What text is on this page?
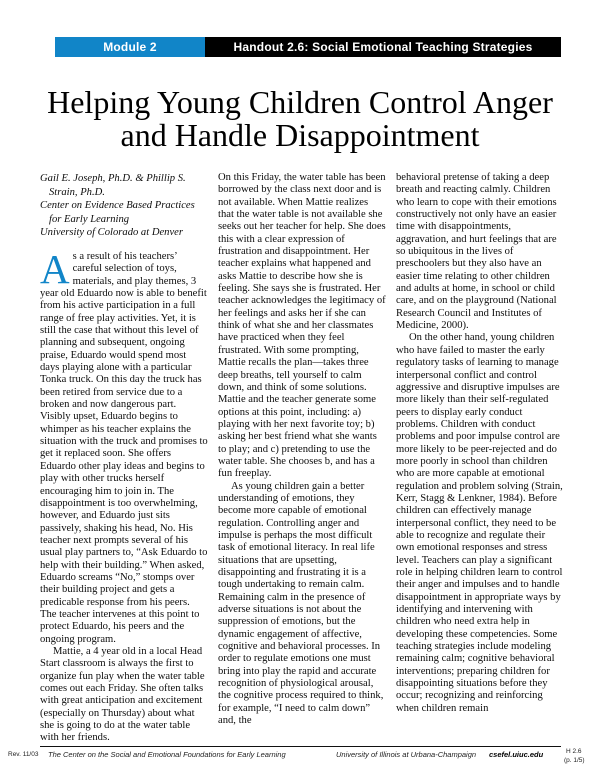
Module 2	Handout 2.6: Social Emotional Teaching Strategies
Helping Young Children Control Anger
and Handle Disappointment
Gail E. Joseph, Ph.D. & Phillip S.
Strain, Ph.D.
Center on Evidence Based Practices
for Early Learning
University of Colorado at Denver

As a result of his teachers’ careful selection of toys, materials, and play themes, 3 year old Eduardo now is able to benefit from his active participation in a full range of free play activities. Yet, it is still the case that without this level of planning and subsequent, ongoing praise, Eduardo would spend most days playing alone with a particular Tonka truck. On this day the truck has been retired from service due to a broken and now dangerous part. Visibly upset, Eduardo begins to whimper as his teacher explains the situation with the truck and promises to get it replaced soon. She offers Eduardo other play ideas and begins to play with other trucks herself encouraging him to join in. The disappointment is too overwhelming, however, and Eduardo just sits passively, shaking his head, No. His teacher next prompts several of his usual play partners to, “Ask Eduardo to help with their building.” When asked, Eduardo screams “No,” stomps over their building project and gets a predicable response from his peers. The teacher intervenes at this point to protect Eduardo, his peers and the ongoing program.

Mattie, a 4 year old in a local Head Start classroom is always the first to organize fun play when the water table comes out each Friday. She often talks with great anticipation and excitement (especially on Thursday) about what she is going to do at the water table with her friends.

On this Friday, the water table has been borrowed by the class next door and is not available. When Mattie realizes that the water table is not available she seeks out her teacher for help. She does this with a clear expression of frustration and disappointment. Her teacher explains what happened and asks Mattie to describe how she is feeling. She says she is frustrated. Her teacher acknowledges the legitimacy of her feelings and asks her if she can think of what she and her classmates have practiced when they feel frustrated. With some prompting, Mattie recalls the plan—takes three deep breaths, tell yourself to calm down, and think of some solutions. Mattie and the teacher generate some options at this point, including: a) playing with her next favorite toy; b) asking her best friend what she wants to play; and c) pretending to use the water table. She chooses b, and has a fun freeplay.

As young children gain a better understanding of emotions, they become more capable of emotional regulation. Controlling anger and impulse is perhaps the most difficult task of emotional literacy. In real life situations that are upsetting, disappointing and frustrating it is a tough undertaking to remain calm. Remaining calm in the presence of adverse situations is not about the suppression of emotions, but the dynamic engagement of affective, cognitive and behavioral processes. In order to regulate emotions one must bring into play the rapid and accurate recognition of physiological arousal, the cognitive process required to think, for example, “I need to calm down” and, the

behavioral pretense of taking a deep breath and reacting calmly. Children who learn to cope with their emotions constructively not only have an easier time with disappointments, aggravation, and hurt feelings that are so ubiquitous in the lives of preschoolers but they also have an easier time relating to other children and adults at home, in school or child care, and on the playground (National Research Council and Institutes of Medicine, 2000).

On the other hand, young children who have failed to master the early regulatory tasks of learning to manage interpersonal conflict and control aggressive and disruptive impulses are more likely than their self-regulated peers to display early conduct problems. Children with conduct problems and poor impulse control are more likely to be peer-rejected and do more poorly in school than children who are more capable at emotional regulation and problem solving (Strain, Kerr, Stagg & Lenkner, 1984). Before children can effectively manage interpersonal conflict, they need to be able to recognize and regulate their own emotional responses and stress level. Teachers can play a significant role in helping children learn to control their anger and impulses and to handle disappointment in appropriate ways by identifying and intervening with children who need extra help in developing these competencies. Some teaching strategies include modeling remaining calm; cognitive behavioral interventions; preparing children for disappointing situations before they occur; recognizing and reinforcing when children remain

Rev. 11/03 The Center on the Social and Emotional Foundations for Early Learning	University of Illinois at Urbana-Champaign csefel.uiuc.edu	H 2.6
(p. 1/5)
